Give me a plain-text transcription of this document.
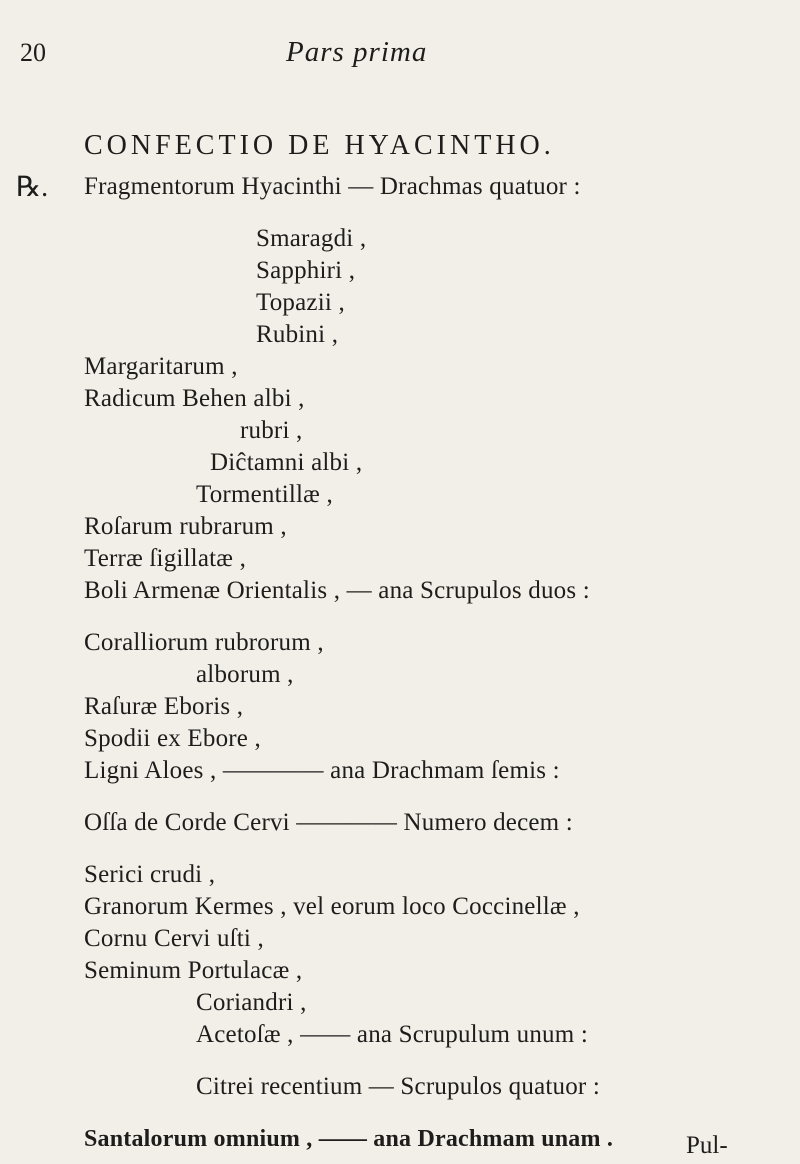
20	Pars prima
CONFECTIO DE HYACINTHO.
℞. Fragmentorum Hyacinthi — Drachmas quatuor :
Smaragdi ,
Sapphiri ,
Topazii ,
Rubini ,
Margaritarum ,
Radicum Behen albi ,
rubri ,
Diĉtamni albi ,
Tormentillæ ,
Roſarum rubrarum ,
Terræ ſigillatæ ,
Boli Armenæ Orientalis , — ana Scrupulos duos :
Coralliorum rubrorum ,
alborum ,
Raſuræ Eboris ,
Spodii ex Ebore ,
Ligni Aloes , ———— ana Drachmam ſemis :
Oſſa de Corde Cervi ———— Numero decem :
Serici crudi ,
Granorum Kermes , vel eorum loco Coccinellæ ,
Cornu Cervi uſti ,
Seminum Portulacæ ,
Coriandri ,
Acetoſæ , —— ana Scrupulum unum :
Citrei recentium — Scrupulos quatuor :
Santalorum omnium , —— ana Drachmam unam .	Pul-
